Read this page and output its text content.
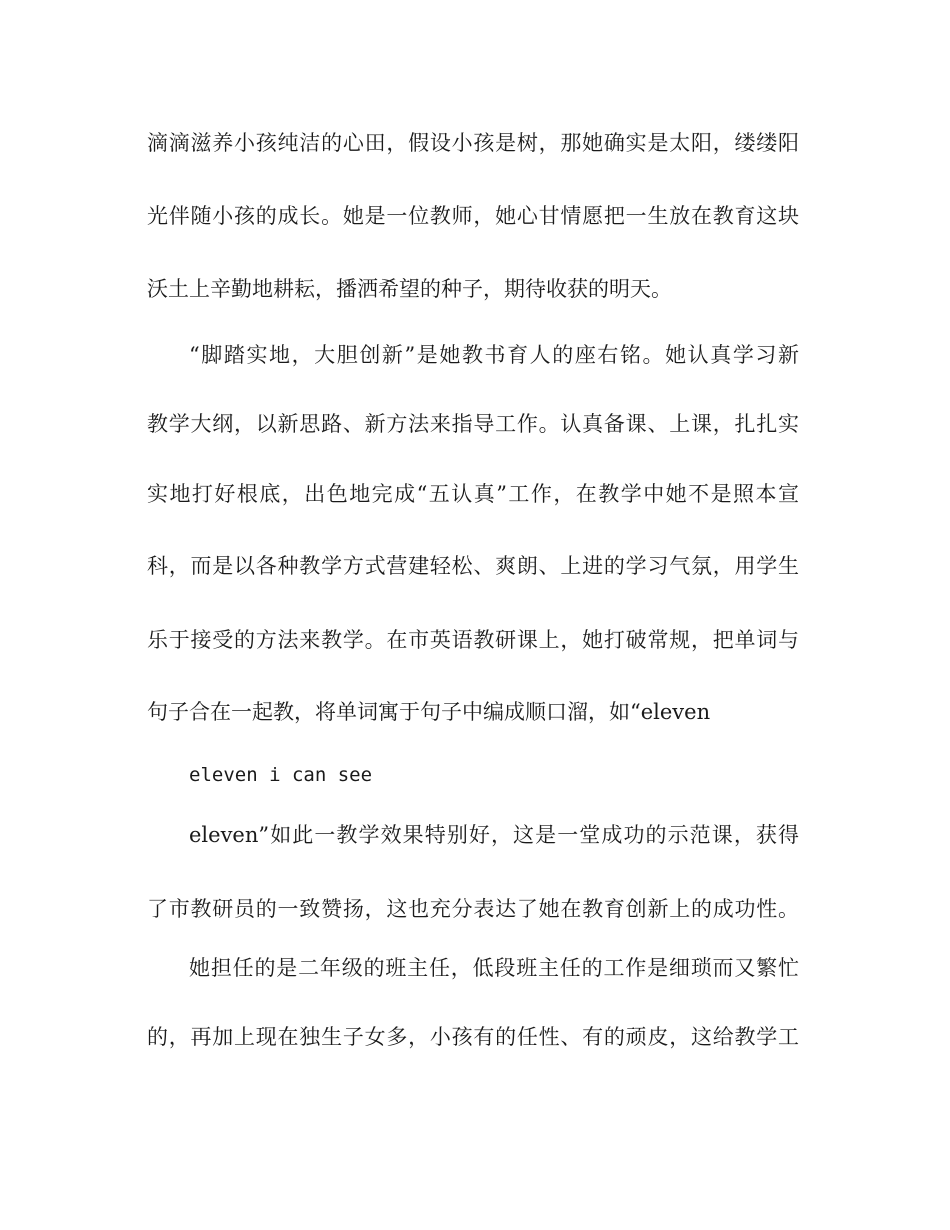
滴滴滋养小孩纯洁的心田，假设小孩是树，那她确实是太阳，缕缕阳
光伴随小孩的成长。她是一位教师，她心甘情愿把一生放在教育这块
沃土上辛勤地耕耘，播洒希望的种子，期待收获的明天。
“脚踏实地，大胆创新”是她教书育人的座右铭。她认真学习新
教学大纲，以新思路、新方法来指导工作。认真备课、上课，扎扎实
实地打好根底，出色地完成“五认真”工作，在教学中她不是照本宣
科，而是以各种教学方式营建轻松、爽朗、上进的学习气氛，用学生
乐于接受的方法来教学。在市英语教研课上，她打破常规，把单词与
句子合在一起教，将单词寓于句子中编成顺口溜，如“eleven
eleven i can see
eleven”如此一教学效果特别好，这是一堂成功的示范课，获得
了市教研员的一致赞扬，这也充分表达了她在教育创新上的成功性。
她担任的是二年级的班主任，低段班主任的工作是细琐而又繁忙
的，再加上现在独生子女多，小孩有的任性、有的顽皮，这给教学工
